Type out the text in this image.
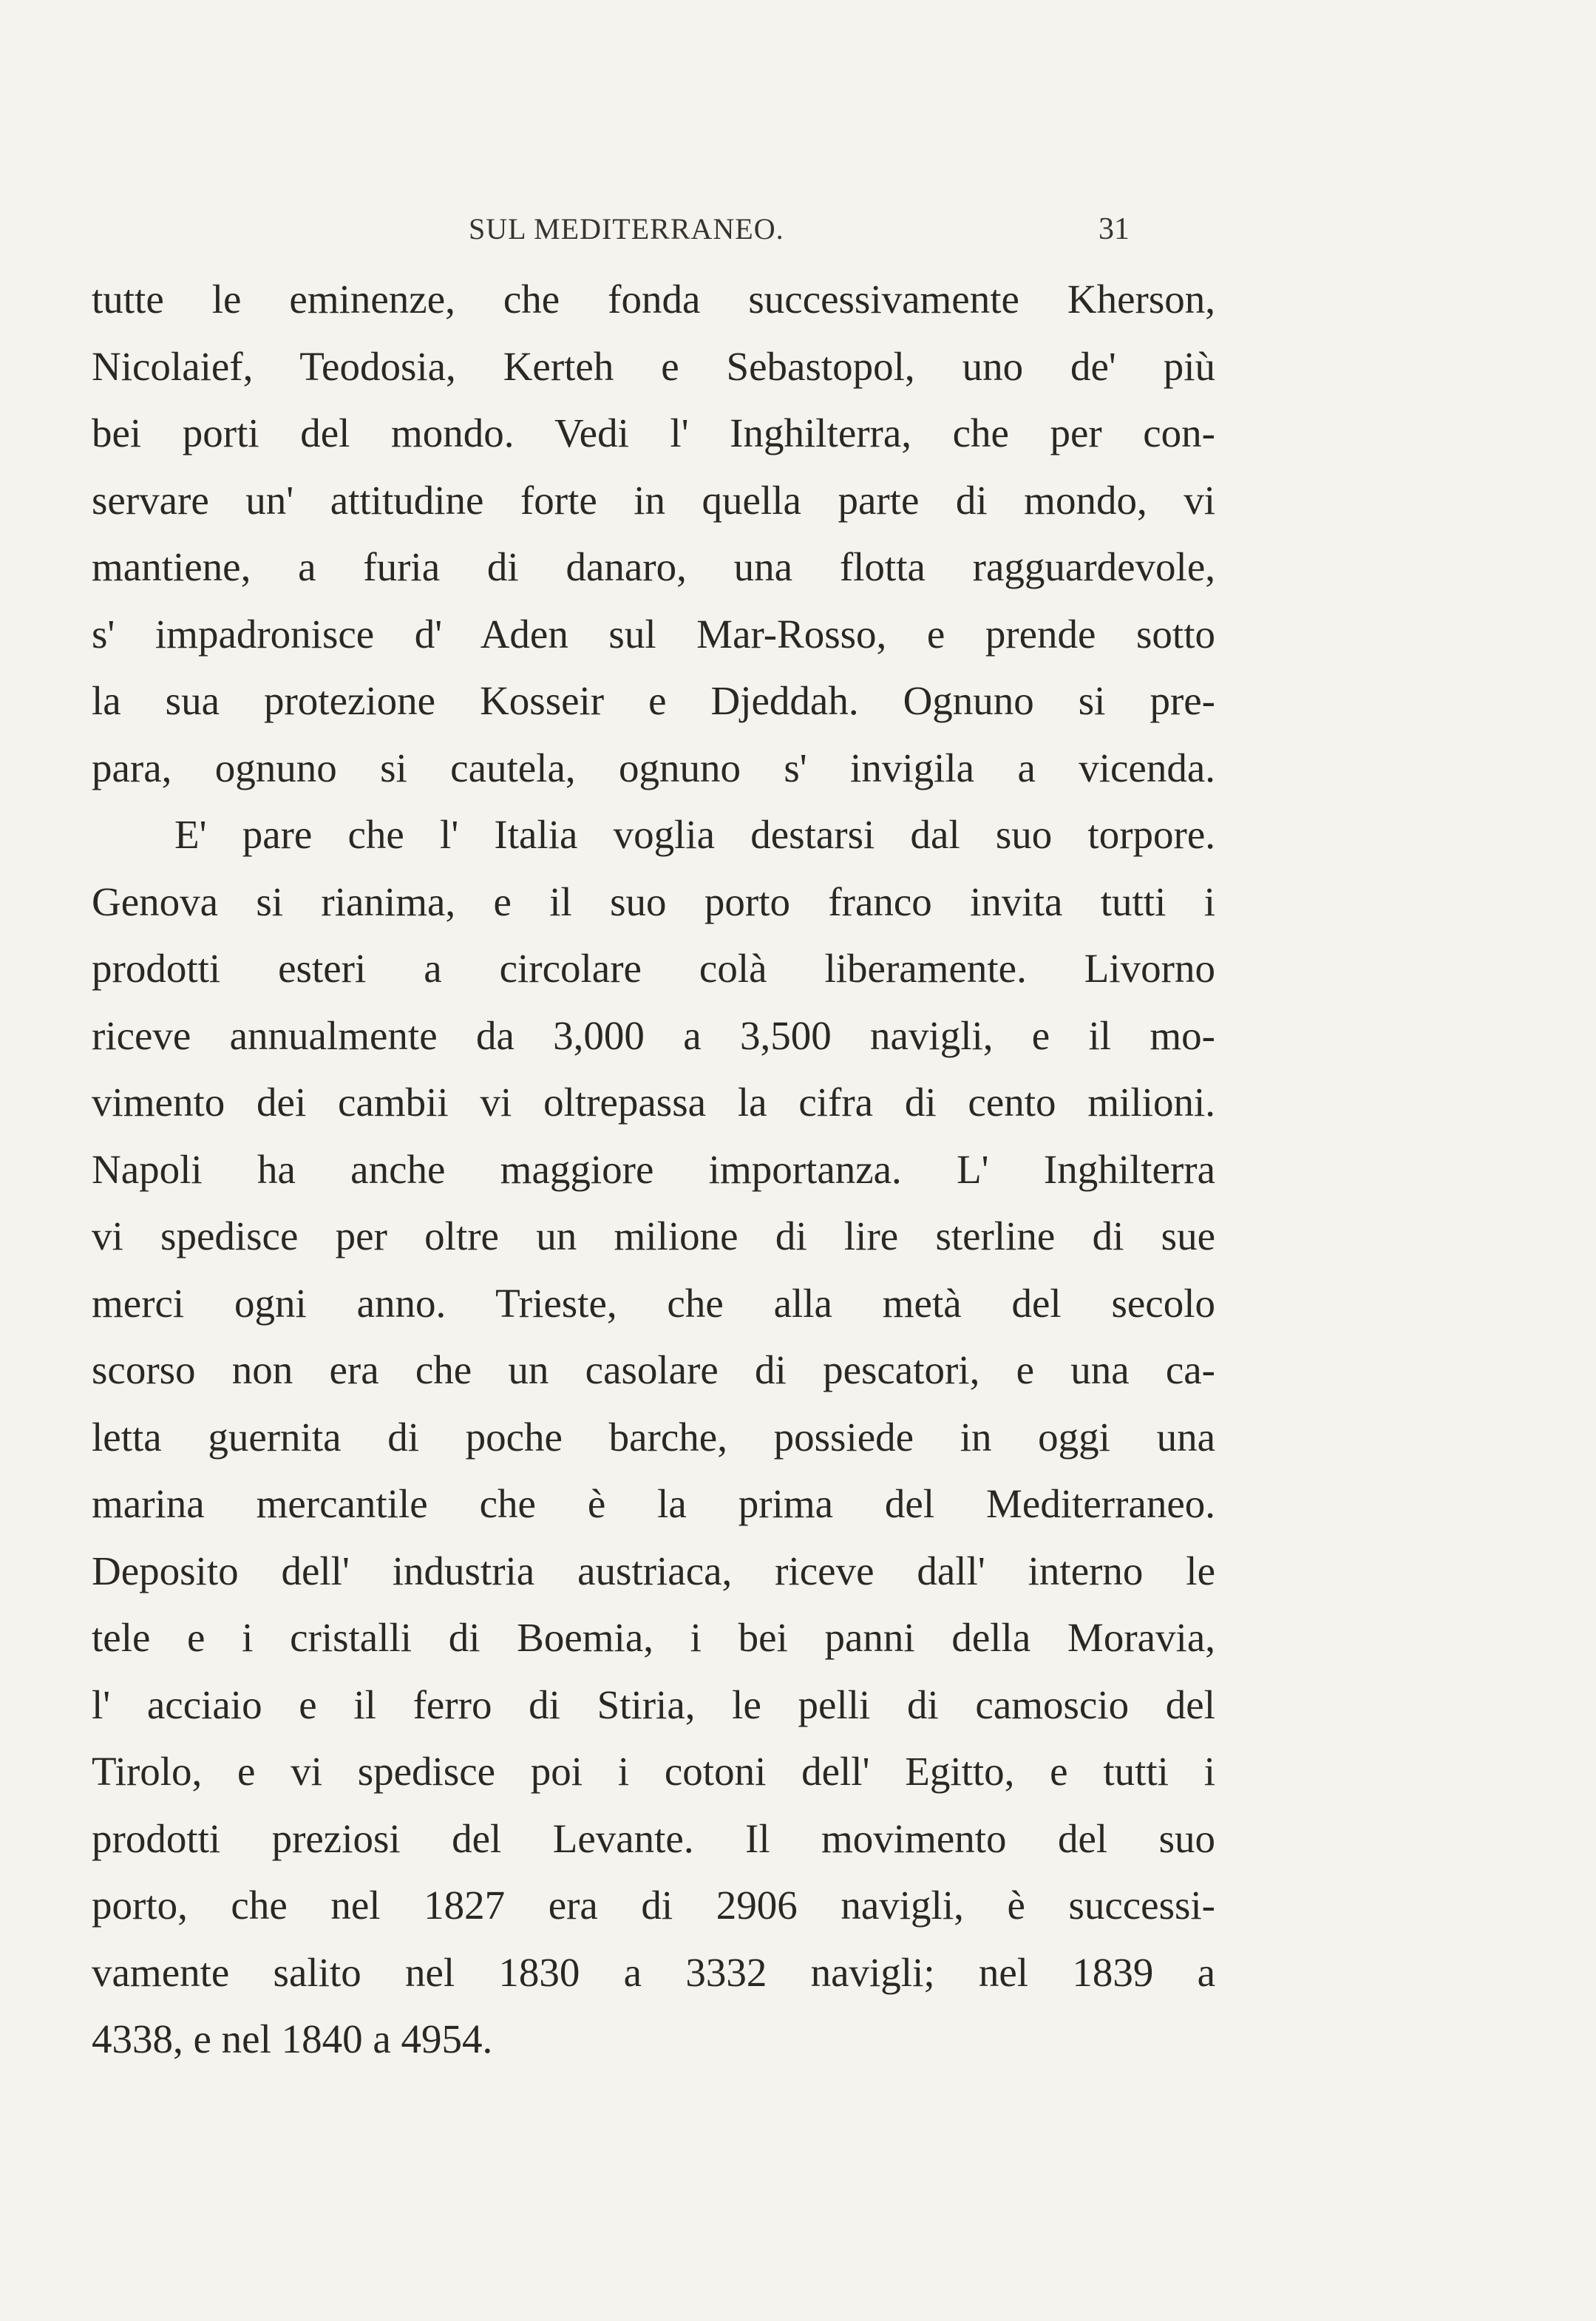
SUL MEDITERRANEO.	31
tutte le eminenze, che fonda successivamente Kherson,
Nicolaief, Teodosia, Kerteh e Sebastopol, uno de' più
bei porti del mondo. Vedi l' Inghilterra, che per con-
servare un' attitudine forte in quella parte di mondo, vi
mantiene, a furia di danaro, una flotta ragguardevole,
s' impadronisce d' Aden sul Mar-Rosso, e prende sotto
la sua protezione Kosseir e Djeddah. Ognuno si pre-
para, ognuno si cautela, ognuno s' invigila a vicenda.
E' pare che l' Italia voglia destarsi dal suo torpore.
Genova si rianima, e il suo porto franco invita tutti i
prodotti esteri a circolare colà liberamente. Livorno
riceve annualmente da 3,000 a 3,500 navigli, e il mo-
vimento dei cambii vi oltrepassa la cifra di cento milioni.
Napoli ha anche maggiore importanza. L' Inghilterra
vi spedisce per oltre un milione di lire sterline di sue
merci ogni anno. Trieste, che alla metà del secolo
scorso non era che un casolare di pescatori, e una ca-
letta guernita di poche barche, possiede in oggi una
marina mercantile che è la prima del Mediterraneo.
Deposito dell' industria austriaca, riceve dall' interno le
tele e i cristalli di Boemia, i bei panni della Moravia,
l' acciaio e il ferro di Stiria, le pelli di camoscio del
Tirolo, e vi spedisce poi i cotoni dell' Egitto, e tutti i
prodotti preziosi del Levante. Il movimento del suo
porto, che nel 1827 era di 2906 navigli, è successi-
vamente salito nel 1830 a 3332 navigli; nel 1839 a
4338, e nel 1840 a 4954.
